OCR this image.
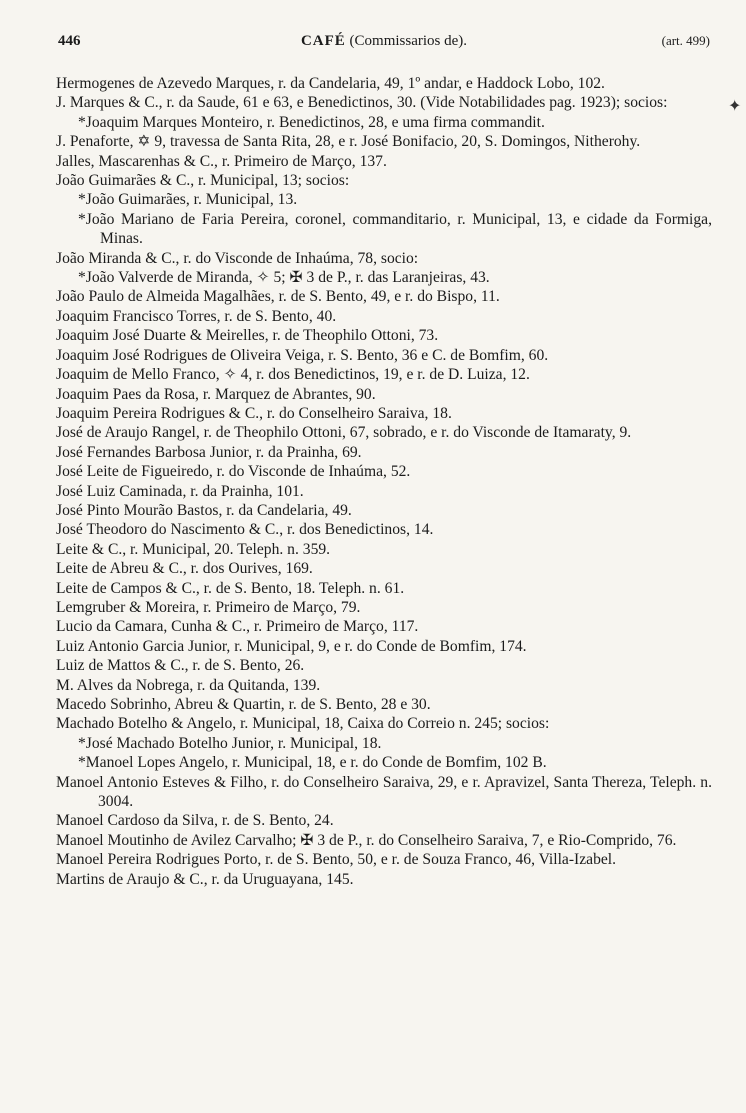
446	CAFÉ (Commissarios de).	(art. 499)
✦
Hermogenes de Azevedo Marques, r. da Candelaria, 49, 1º andar, e Haddock Lobo, 102.
J. Marques & C., r. da Saude, 61 e 63, e Benedictinos, 30. (Vide Notabilidades pag. 1923); socios:
*Joaquim Marques Monteiro, r. Benedictinos, 28, e uma firma commandit.
J. Penaforte, ✡ 9, travessa de Santa Rita, 28, e r. José Bonifacio, 20, S. Domingos, Nitherohy.
Jalles, Mascarenhas & C., r. Primeiro de Março, 137.
João Guimarães & C., r. Municipal, 13; socios:
*João Guimarães, r. Municipal, 13.
*João Mariano de Faria Pereira, coronel, commanditario, r. Municipal, 13, e cidade da Formiga, Minas.
João Miranda & C., r. do Visconde de Inhaúma, 78, socio:
*João Valverde de Miranda, ✧ 5; ✠ 3 de P., r. das Laranjeiras, 43.
João Paulo de Almeida Magalhães, r. de S. Bento, 49, e r. do Bispo, 11.
Joaquim Francisco Torres, r. de S. Bento, 40.
Joaquim José Duarte & Meirelles, r. de Theophilo Ottoni, 73.
Joaquim José Rodrigues de Oliveira Veiga, r. S. Bento, 36 e C. de Bomfim, 60.
Joaquim de Mello Franco, ✧ 4, r. dos Benedictinos, 19, e r. de D. Luiza, 12.
Joaquim Paes da Rosa, r. Marquez de Abrantes, 90.
Joaquim Pereira Rodrigues & C., r. do Conselheiro Saraiva, 18.
José de Araujo Rangel, r. de Theophilo Ottoni, 67, sobrado, e r. do Visconde de Itamaraty, 9.
José Fernandes Barbosa Junior, r. da Prainha, 69.
José Leite de Figueiredo, r. do Visconde de Inhaúma, 52.
José Luiz Caminada, r. da Prainha, 101.
José Pinto Mourão Bastos, r. da Candelaria, 49.
José Theodoro do Nascimento & C., r. dos Benedictinos, 14.
Leite & C., r. Municipal, 20. Teleph. n. 359.
Leite de Abreu & C., r. dos Ourives, 169.
Leite de Campos & C., r. de S. Bento, 18. Teleph. n. 61.
Lemgruber & Moreira, r. Primeiro de Março, 79.
Lucio da Camara, Cunha & C., r. Primeiro de Março, 117.
Luiz Antonio Garcia Junior, r. Municipal, 9, e r. do Conde de Bomfim, 174.
Luiz de Mattos & C., r. de S. Bento, 26.
M. Alves da Nobrega, r. da Quitanda, 139.
Macedo Sobrinho, Abreu & Quartin, r. de S. Bento, 28 e 30.
Machado Botelho & Angelo, r. Municipal, 18, Caixa do Correio n. 245; socios:
*José Machado Botelho Junior, r. Municipal, 18.
*Manoel Lopes Angelo, r. Municipal, 18, e r. do Conde de Bomfim, 102 B.
Manoel Antonio Esteves & Filho, r. do Conselheiro Saraiva, 29, e r. Apravizel, Santa Thereza, Teleph. n. 3004.
Manoel Cardoso da Silva, r. de S. Bento, 24.
Manoel Moutinho de Avilez Carvalho; ✠ 3 de P., r. do Conselheiro Saraiva, 7, e Rio-Comprido, 76.
Manoel Pereira Rodrigues Porto, r. de S. Bento, 50, e r. de Souza Franco, 46, Villa-Izabel.
Martins de Araujo & C., r. da Uruguayana, 145.
